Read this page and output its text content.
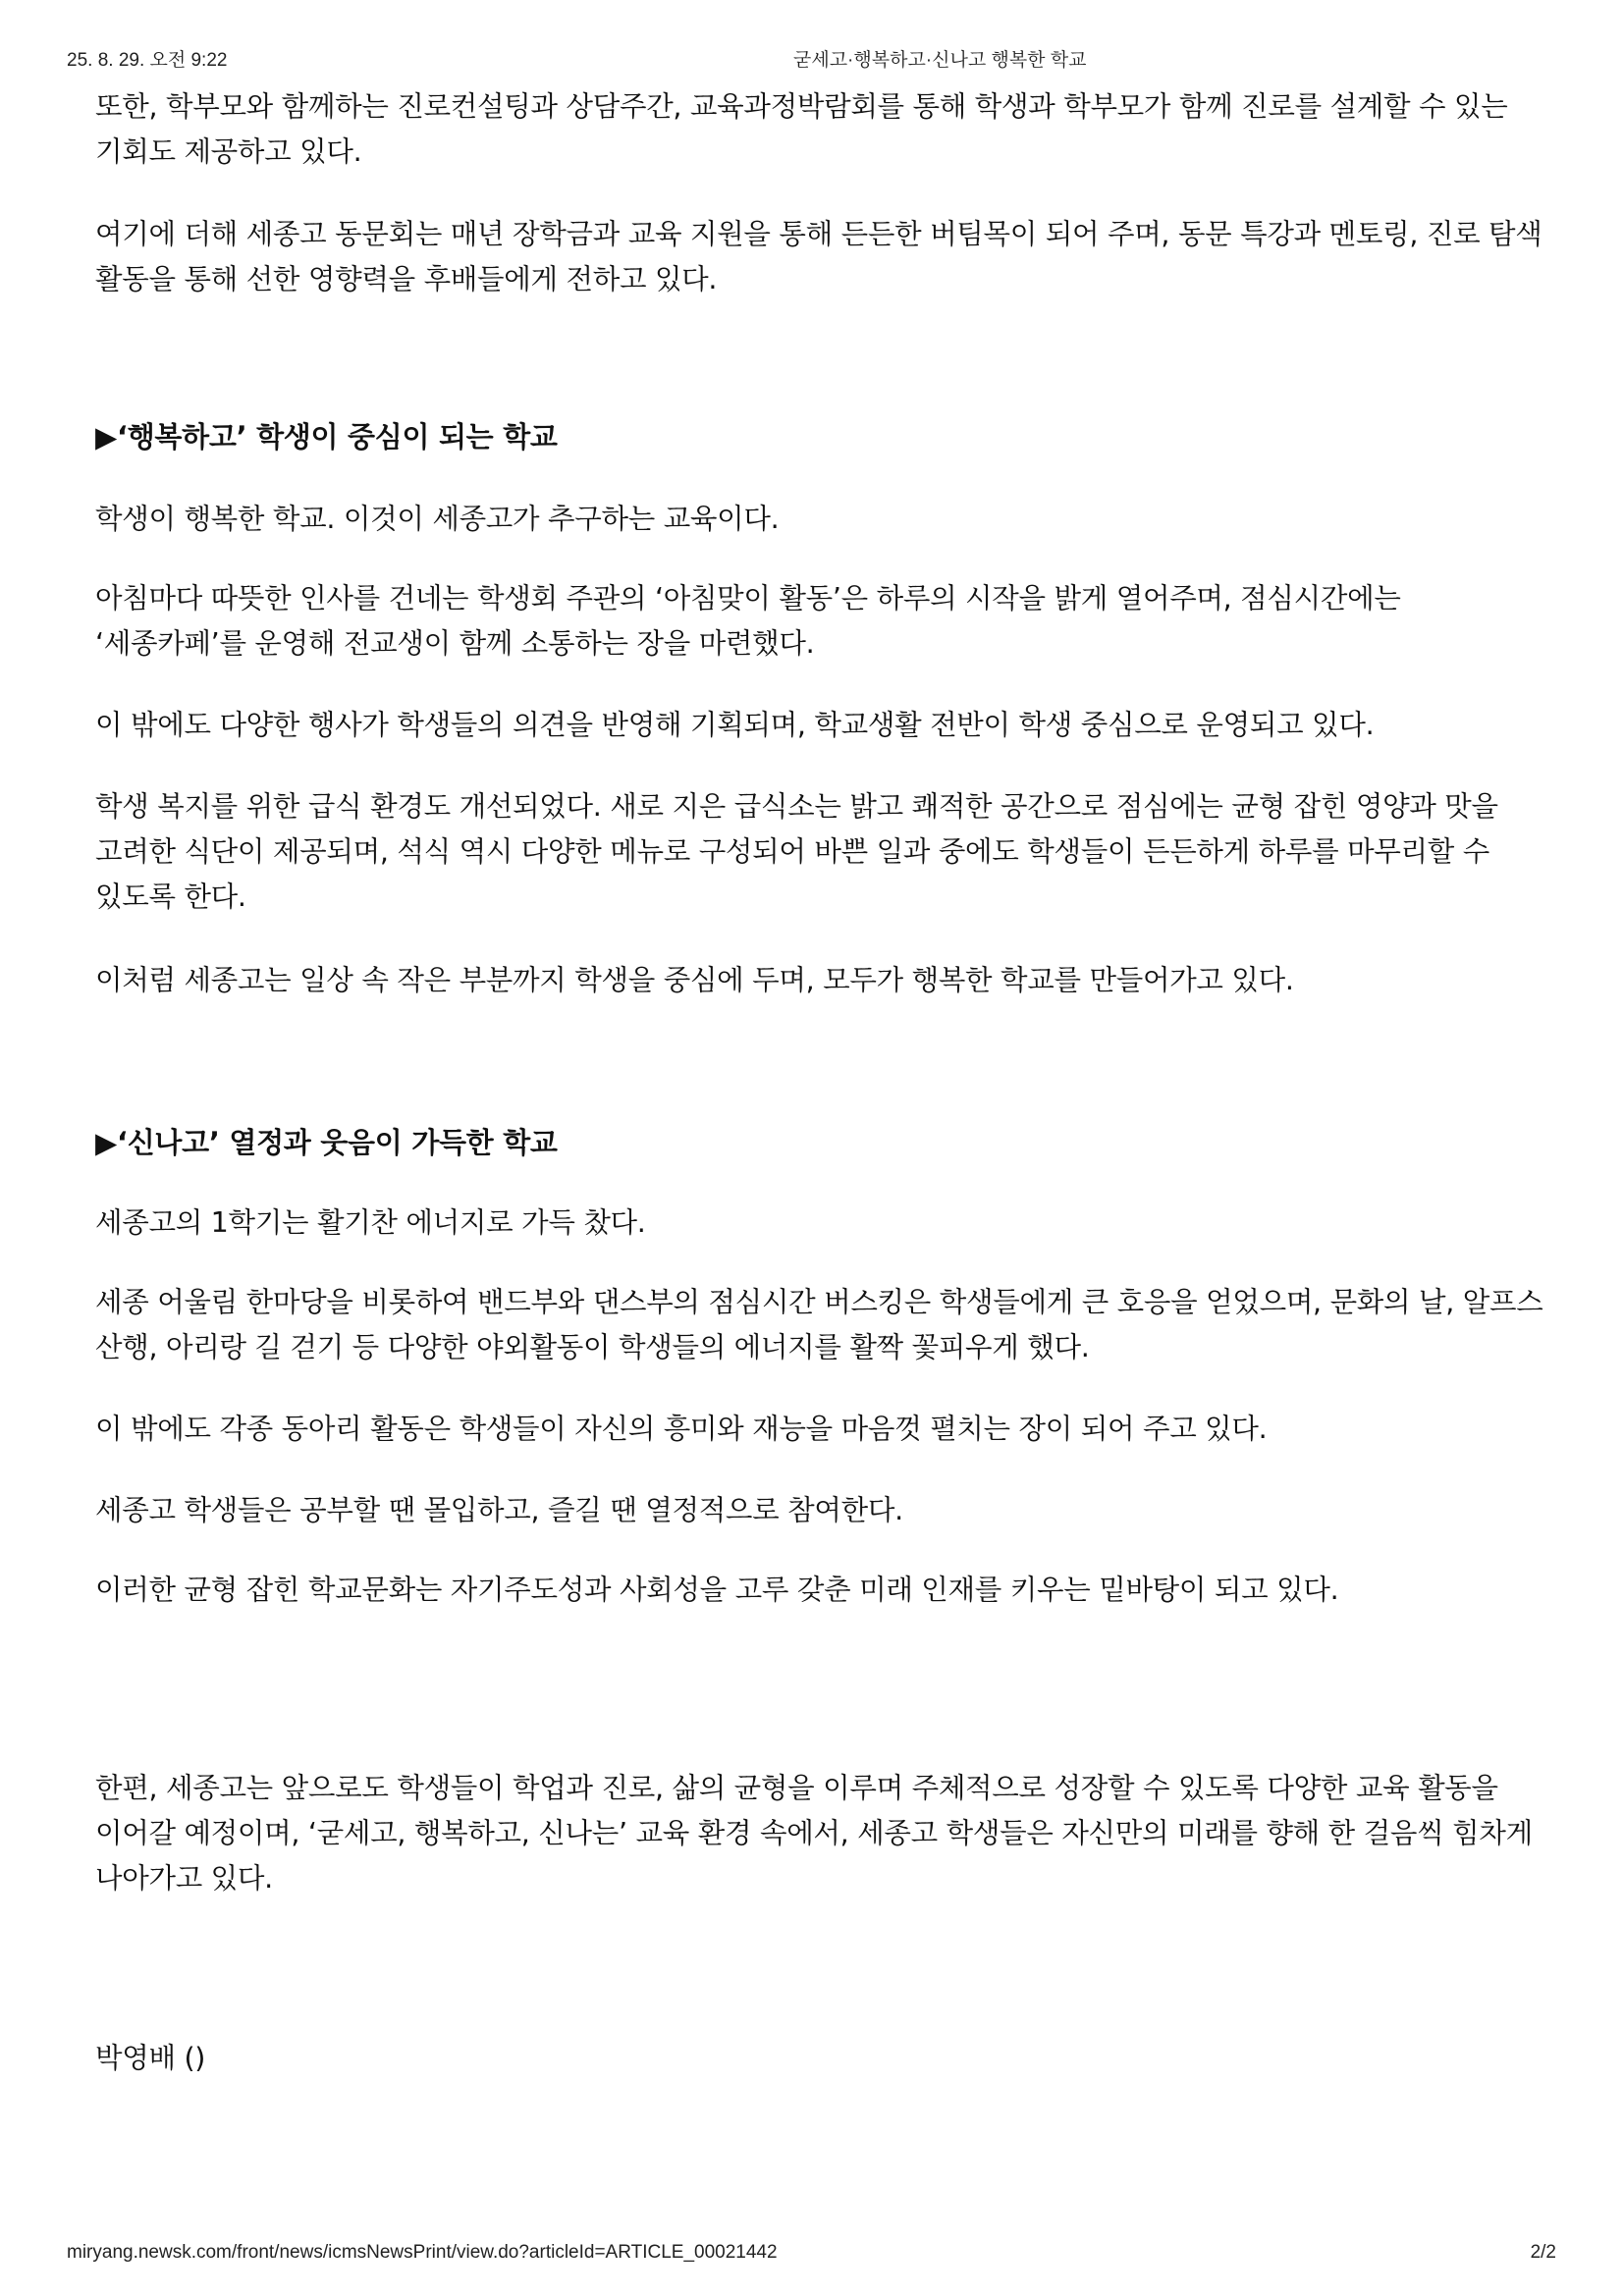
25. 8. 29. 오전 9:22	굳세고·행복하고·신나고 행복한 학교

또한, 학부모와 함께하는 진로컨설팅과 상담주간, 교육과정박람회를 통해 학생과 학부모가 함께 진로를 설계할 수 있는 기회도 제공하고 있다.

여기에 더해 세종고 동문회는 매년 장학금과 교육 지원을 통해 든든한 버팀목이 되어 주며, 동문 특강과 멘토링, 진로 탐색 활동을 통해 선한 영향력을 후배들에게 전하고 있다.

▶‘행복하고’ 학생이 중심이 되는 학교

학생이 행복한 학교. 이것이 세종고가 추구하는 교육이다.

아침마다 따뜻한 인사를 건네는 학생회 주관의 ‘아침맞이 활동’은 하루의 시작을 밝게 열어주며, 점심시간에는 ‘세종카페’를 운영해 전교생이 함께 소통하는 장을 마련했다.

이 밖에도 다양한 행사가 학생들의 의견을 반영해 기획되며, 학교생활 전반이 학생 중심으로 운영되고 있다.

학생 복지를 위한 급식 환경도 개선되었다. 새로 지은 급식소는 밝고 쾌적한 공간으로 점심에는 균형 잡힌 영양과 맛을 고려한 식단이 제공되며, 석식 역시 다양한 메뉴로 구성되어 바쁜 일과 중에도 학생들이 든든하게 하루를 마무리할 수 있도록 한다.

이처럼 세종고는 일상 속 작은 부분까지 학생을 중심에 두며, 모두가 행복한 학교를 만들어가고 있다.

▶‘신나고’ 열정과 웃음이 가득한 학교

세종고의 1학기는 활기찬 에너지로 가득 찼다.

세종 어울림 한마당을 비롯하여 밴드부와 댄스부의 점심시간 버스킹은 학생들에게 큰 호응을 얻었으며, 문화의 날, 알프스 산행, 아리랑 길 걷기 등 다양한 야외활동이 학생들의 에너지를 활짝 꽃피우게 했다.

이 밖에도 각종 동아리 활동은 학생들이 자신의 흥미와 재능을 마음껏 펼치는 장이 되어 주고 있다.

세종고 학생들은 공부할 땐 몰입하고, 즐길 땐 열정적으로 참여한다.

이러한 균형 잡힌 학교문화는 자기주도성과 사회성을 고루 갖춘 미래 인재를 키우는 밑바탕이 되고 있다.

한편, 세종고는 앞으로도 학생들이 학업과 진로, 삶의 균형을 이루며 주체적으로 성장할 수 있도록 다양한 교육 활동을 이어갈 예정이며, ‘굳세고, 행복하고, 신나는’ 교육 환경 속에서, 세종고 학생들은 자신만의 미래를 향해 한 걸음씩 힘차게 나아가고 있다.

박영배 ()

miryang.newsk.com/front/news/icmsNewsPrint/view.do?articleId=ARTICLE_00021442	2/2
